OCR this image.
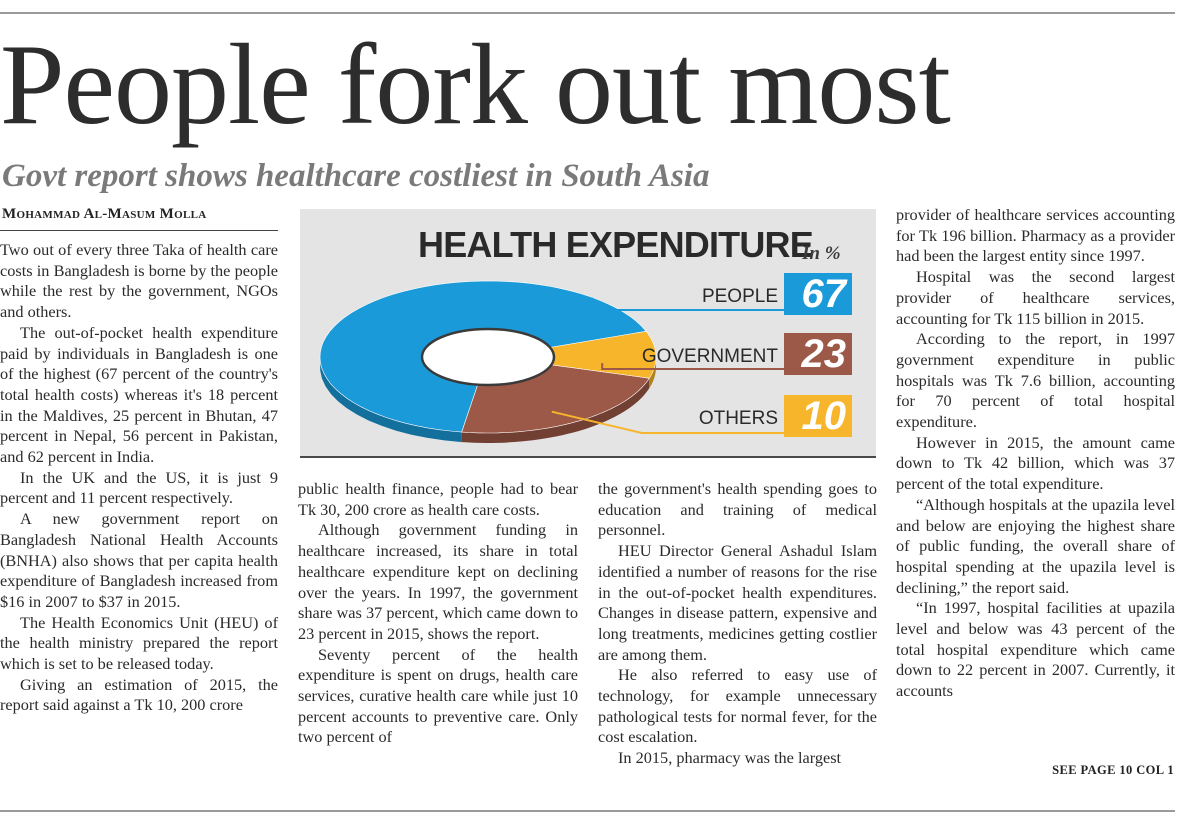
People fork out most
Govt report shows healthcare costliest in South Asia
Mohammad Al-Masum Molla

Two out of every three Taka of health care costs in Bangladesh is borne by the people while the rest by the government, NGOs and others.

The out-of-pocket health expenditure paid by individuals in Bangladesh is one of the highest (67 percent of the country's total health costs) whereas it's 18 percent in the Maldives, 25 percent in Bhutan, 47 percent in Nepal, 56 percent in Pakistan, and 62 percent in India.

In the UK and the US, it is just 9 percent and 11 percent respectively.

A new government report on Bangladesh National Health Accounts (BNHA) also shows that per capita health expenditure of Bangladesh increased from $16 in 2007 to $37 in 2015.

The Health Economics Unit (HEU) of the health ministry prepared the report which is set to be released today.

Giving an estimation of 2015, the report said against a Tk 10, 200 crore

public health finance, people had to bear Tk 30, 200 crore as health care costs.

Although government funding in healthcare increased, its share in total healthcare expenditure kept on declining over the years. In 1997, the government share was 37 percent, which came down to 23 percent in 2015, shows the report.

Seventy percent of the health expenditure is spent on drugs, health care services, curative health care while just 10 percent accounts to preventive care. Only two percent of

the government's health spending goes to education and training of medical personnel.

HEU Director General Ashadul Islam identified a number of reasons for the rise in the out-of-pocket health expenditures. Changes in disease pattern, expensive and long treatments, medicines getting costlier are among them.

He also referred to easy use of technology, for example unnecessary pathological tests for normal fever, for the cost escalation.

In 2015, pharmacy was the largest

provider of healthcare services accounting for Tk 196 billion. Pharmacy as a provider had been the largest entity since 1997.

Hospital was the second largest provider of healthcare services, accounting for Tk 115 billion in 2015.

According to the report, in 1997 government expenditure in public hospitals was Tk 7.6 billion, accounting for 70 percent of total hospital expenditure.

However in 2015, the amount came down to Tk 42 billion, which was 37 percent of the total expenditure.

“Although hospitals at the upazila level and below are enjoying the highest share of public funding, the overall share of hospital spending at the upazila level is declining,” the report said.

“In 1997, hospital facilities at upazila level and below was 43 percent of the total hospital expenditure which came down to 22 percent in 2007. Currently, it accounts

SEE PAGE 10 COL 1
HEALTH EXPENDITURE
In %
PEOPLE 67
GOVERNMENT 23
OTHERS 10
